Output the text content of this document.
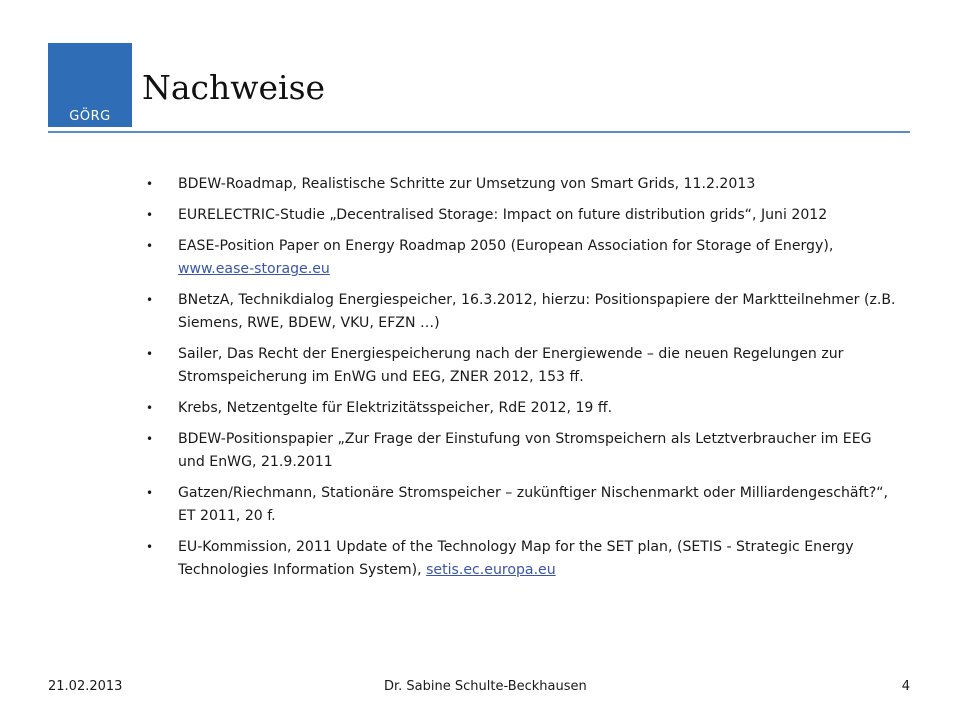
GÖRG
Nachweise
• BDEW-Roadmap, Realistische Schritte zur Umsetzung von Smart Grids, 11.2.2013
• EURELECTRIC-Studie „Decentralised Storage: Impact on future distribution grids“, Juni 2012
• EASE-Position Paper on Energy Roadmap 2050 (European Association for Storage of Energy), www.ease-storage.eu
• BNetzA, Technikdialog Energiespeicher, 16.3.2012, hierzu: Positionspapiere der Marktteilnehmer (z.B. Siemens, RWE, BDEW, VKU, EFZN …)
• Sailer, Das Recht der Energiespeicherung nach der Energiewende – die neuen Regelungen zur Stromspeicherung im EnWG und EEG, ZNER 2012, 153 ff.
• Krebs, Netzentgelte für Elektrizitätsspeicher, RdE 2012, 19 ff.
• BDEW-Positionspapier „Zur Frage der Einstufung von Stromspeichern als Letztverbraucher im EEG und EnWG, 21.9.2011
• Gatzen/Riechmann, Stationäre Stromspeicher – zukünftiger Nischenmarkt oder Milliardengeschäft?“, ET 2011, 20 f.
• EU-Kommission, 2011 Update of the Technology Map for the SET plan, (SETIS - Strategic Energy Technologies Information System), setis.ec.europa.eu
21.02.2013	Dr. Sabine Schulte-Beckhausen	4
